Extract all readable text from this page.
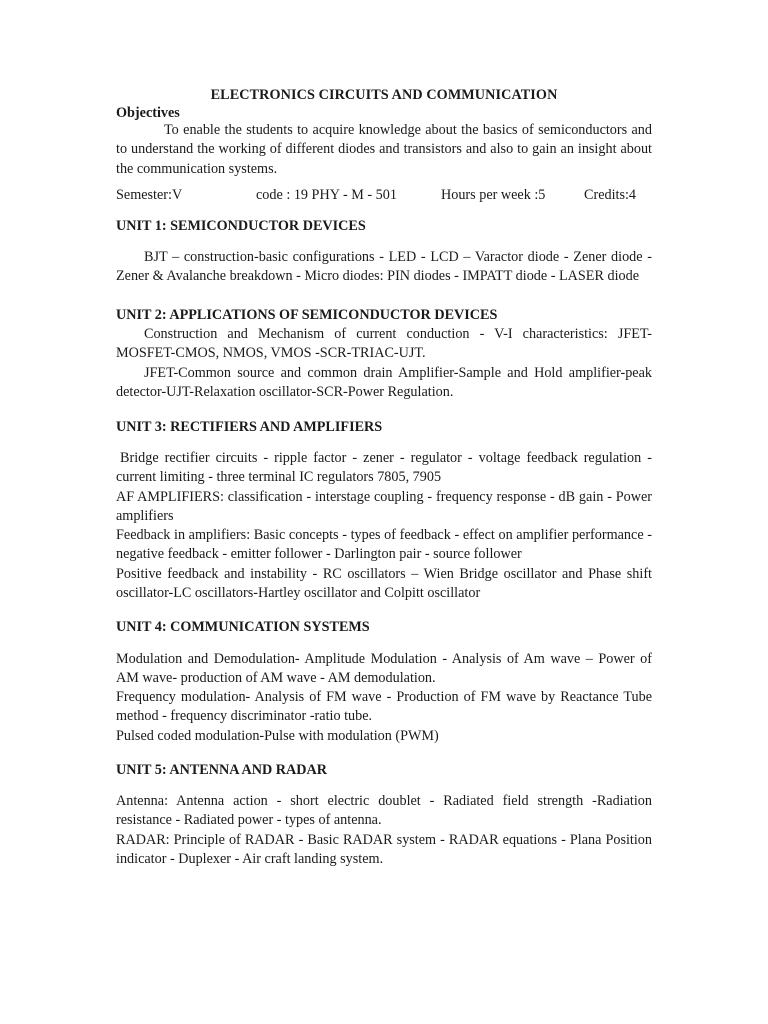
ELECTRONICS CIRCUITS AND COMMUNICATION
Objectives

To enable the students to acquire knowledge about the basics of semiconductors and to understand the working of different diodes and transistors and also to gain an insight about the communication systems.

Semester:V	code : 19 PHY - M - 501	Hours per week :5	Credits:4
UNIT 1: SEMICONDUCTOR DEVICES

BJT – construction-basic configurations - LED - LCD – Varactor diode - Zener diode - Zener & Avalanche breakdown - Micro diodes: PIN diodes - IMPATT diode - LASER diode

UNIT 2: APPLICATIONS OF SEMICONDUCTOR DEVICES

Construction and Mechanism of current conduction - V-I characteristics: JFET-MOSFET-CMOS, NMOS, VMOS -SCR-TRIAC-UJT.

JFET-Common source and common drain Amplifier-Sample and Hold amplifier-peak detector-UJT-Relaxation oscillator-SCR-Power Regulation.

UNIT 3: RECTIFIERS AND AMPLIFIERS

Bridge rectifier circuits - ripple factor - zener - regulator - voltage feedback regulation - current limiting - three terminal IC regulators 7805, 7905

AF AMPLIFIERS: classification - interstage coupling - frequency response - dB gain - Power amplifiers

Feedback in amplifiers: Basic concepts - types of feedback - effect on amplifier performance - negative feedback - emitter follower - Darlington pair - source follower

Positive feedback and instability - RC oscillators – Wien Bridge oscillator and Phase shift oscillator-LC oscillators-Hartley oscillator and Colpitt oscillator

UNIT 4: COMMUNICATION SYSTEMS

Modulation and Demodulation- Amplitude Modulation - Analysis of Am wave – Power of AM wave- production of AM wave - AM demodulation.

Frequency modulation- Analysis of FM wave - Production of FM wave by Reactance Tube method - frequency discriminator -ratio tube.

Pulsed coded modulation-Pulse with modulation (PWM)

UNIT 5: ANTENNA AND RADAR

Antenna: Antenna action - short electric doublet - Radiated field strength -Radiation resistance - Radiated power - types of antenna.

RADAR: Principle of RADAR - Basic RADAR system - RADAR equations - Plana Position indicator - Duplexer - Air craft landing system.
